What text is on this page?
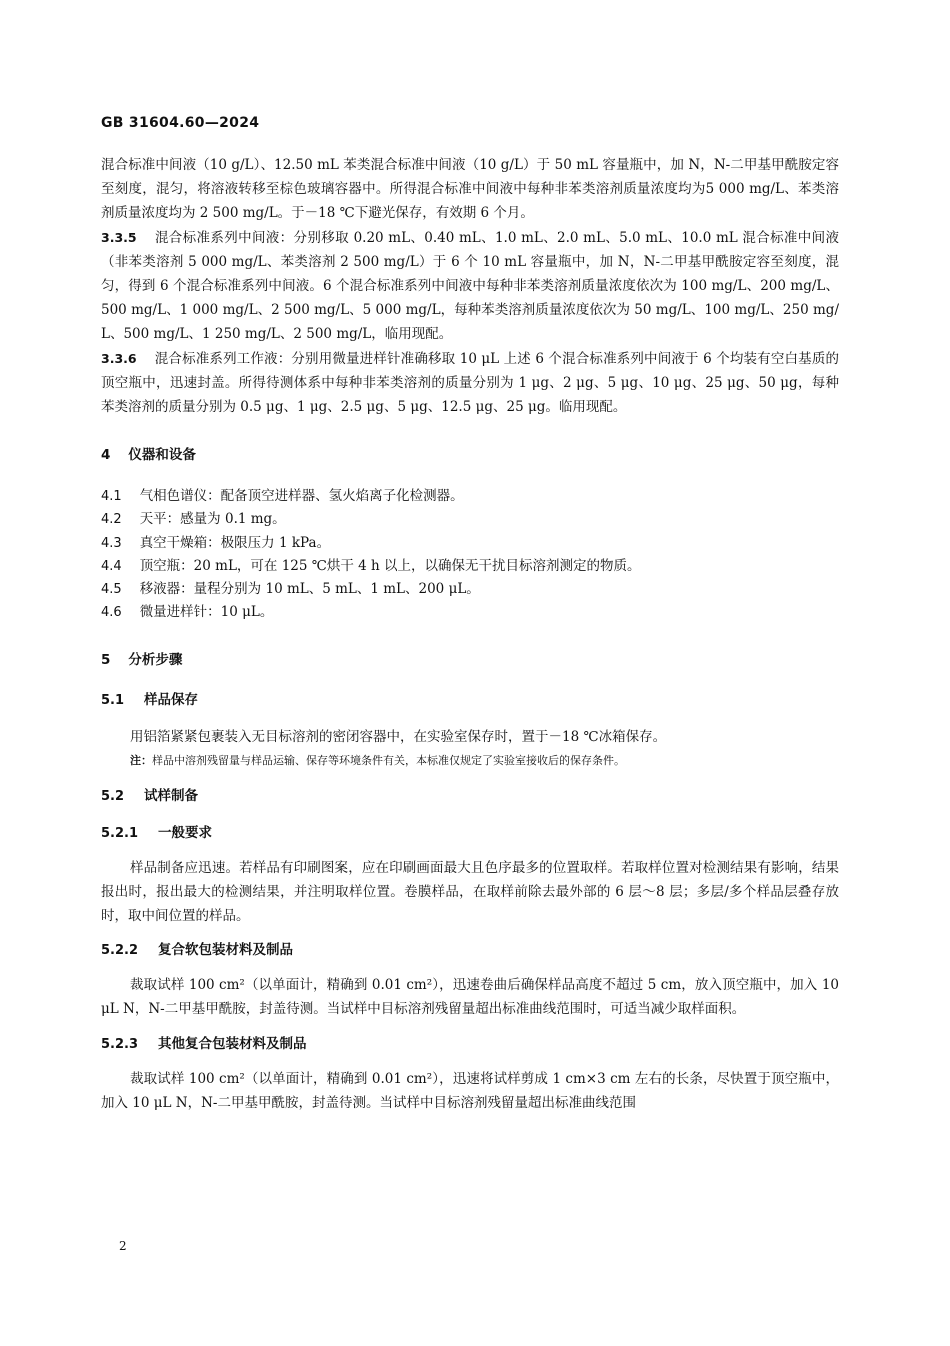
GB 31604.60—2024

混合标准中间液（10 g/L）、12.50 mL 苯类混合标准中间液（10 g/L）于 50 mL 容量瓶中，加 N，N-二甲基甲酰胺定容至刻度，混匀，将溶液转移至棕色玻璃容器中。所得混合标准中间液中每种非苯类溶剂质量浓度均为5 000 mg/L、苯类溶剂质量浓度均为 2 500 mg/L。于－18 ℃下避光保存，有效期 6 个月。

3.3.5 混合标准系列中间液：分别移取 0.20 mL、0.40 mL、1.0 mL、2.0 mL、5.0 mL、10.0 mL 混合标准中间液（非苯类溶剂 5 000 mg/L、苯类溶剂 2 500 mg/L）于 6 个 10 mL 容量瓶中，加 N，N-二甲基甲酰胺定容至刻度，混匀，得到 6 个混合标准系列中间液。6 个混合标准系列中间液中每种非苯类溶剂质量浓度依次为 100 mg/L、200 mg/L、500 mg/L、1 000 mg/L、2 500 mg/L、5 000 mg/L，每种苯类溶剂质量浓度依次为 50 mg/L、100 mg/L、250 mg/L、500 mg/L、1 250 mg/L、2 500 mg/L，临用现配。

3.3.6 混合标准系列工作液：分别用微量进样针准确移取 10 μL 上述 6 个混合标准系列中间液于 6 个均装有空白基质的顶空瓶中，迅速封盖。所得待测体系中每种非苯类溶剂的质量分别为 1 μg、2 μg、5 μg、10 μg、25 μg、50 μg，每种苯类溶剂的质量分别为 0.5 μg、1 μg、2.5 μg、5 μg、12.5 μg、25 μg。临用现配。

4 仪器和设备

4.1 气相色谱仪：配备顶空进样器、氢火焰离子化检测器。

4.2 天平：感量为 0.1 mg。

4.3 真空干燥箱：极限压力 1 kPa。

4.4 顶空瓶：20 mL，可在 125 ℃烘干 4 h 以上，以确保无干扰目标溶剂测定的物质。

4.5 移液器：量程分别为 10 mL、5 mL、1 mL、200 μL。

4.6 微量进样针：10 μL。

5 分析步骤
5.1 样品保存

用铝箔紧紧包裹装入无目标溶剂的密闭容器中，在实验室保存时，置于－18 ℃冰箱保存。

注：样品中溶剂残留量与样品运输、保存等环境条件有关，本标准仅规定了实验室接收后的保存条件。

5.2 试样制备
5.2.1 一般要求

样品制备应迅速。若样品有印刷图案，应在印刷画面最大且色序最多的位置取样。若取样位置对检测结果有影响，结果报出时，报出最大的检测结果，并注明取样位置。卷膜样品，在取样前除去最外部的 6 层～8 层；多层/多个样品层叠存放时，取中间位置的样品。

5.2.2 复合软包装材料及制品

裁取试样 100 cm²（以单面计，精确到 0.01 cm²），迅速卷曲后确保样品高度不超过 5 cm，放入顶空瓶中，加入 10 μL N，N-二甲基甲酰胺，封盖待测。当试样中目标溶剂残留量超出标准曲线范围时，可适当减少取样面积。

5.2.3 其他复合包装材料及制品

裁取试样 100 cm²（以单面计，精确到 0.01 cm²），迅速将试样剪成 1 cm×3 cm 左右的长条，尽快置于顶空瓶中，加入 10 μL N，N-二甲基甲酰胺，封盖待测。当试样中目标溶剂残留量超出标准曲线范围

2
